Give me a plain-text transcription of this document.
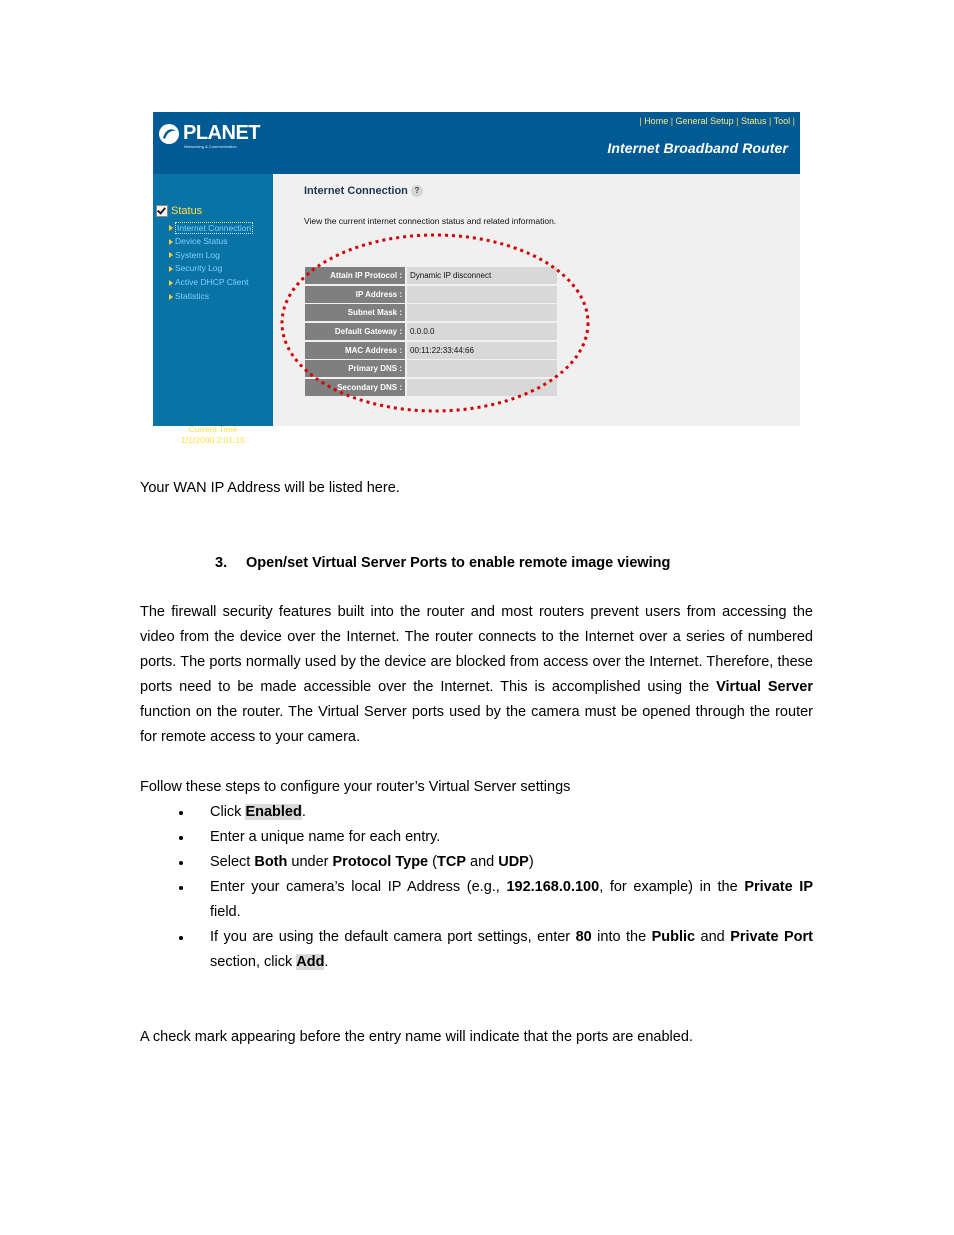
PLANET
Networking & Communication
| Home | General Setup | Status | Tool |
Internet Broadband Router
Status
Internet Connection
Device Status
System Log
Security Log
Active DHCP Client
Statistics
Current Time
1/1/2000 2:01:15
Internet Connection ?
View the current internet connection status and related information.
Attain IP Protocol :	Dynamic IP disconnect
IP Address :
Subnet Mask :
Default Gateway :	0.0.0.0
MAC Address :	00:11:22:33:44:66
Primary DNS :
Secondary DNS :
Your WAN IP Address will be listed here.
3. Open/set Virtual Server Ports to enable remote image viewing
The firewall security features built into the router and most routers prevent users from accessing the video from the device over the Internet. The router connects to the Internet over a series of numbered ports. The ports normally used by the device are blocked from access over the Internet. Therefore, these ports need to be made accessible over the Internet. This is accomplished using the Virtual Server function on the router. The Virtual Server ports used by the camera must be opened through the router for remote access to your camera.
Follow these steps to configure your router’s Virtual Server settings
Click Enabled.
Enter a unique name for each entry.
Select Both under Protocol Type (TCP and UDP)
Enter your camera’s local IP Address (e.g., 192.168.0.100, for example) in the Private IP field.
If you are using the default camera port settings, enter 80 into the Public and Private Port section, click Add.
A check mark appearing before the entry name will indicate that the ports are enabled.
